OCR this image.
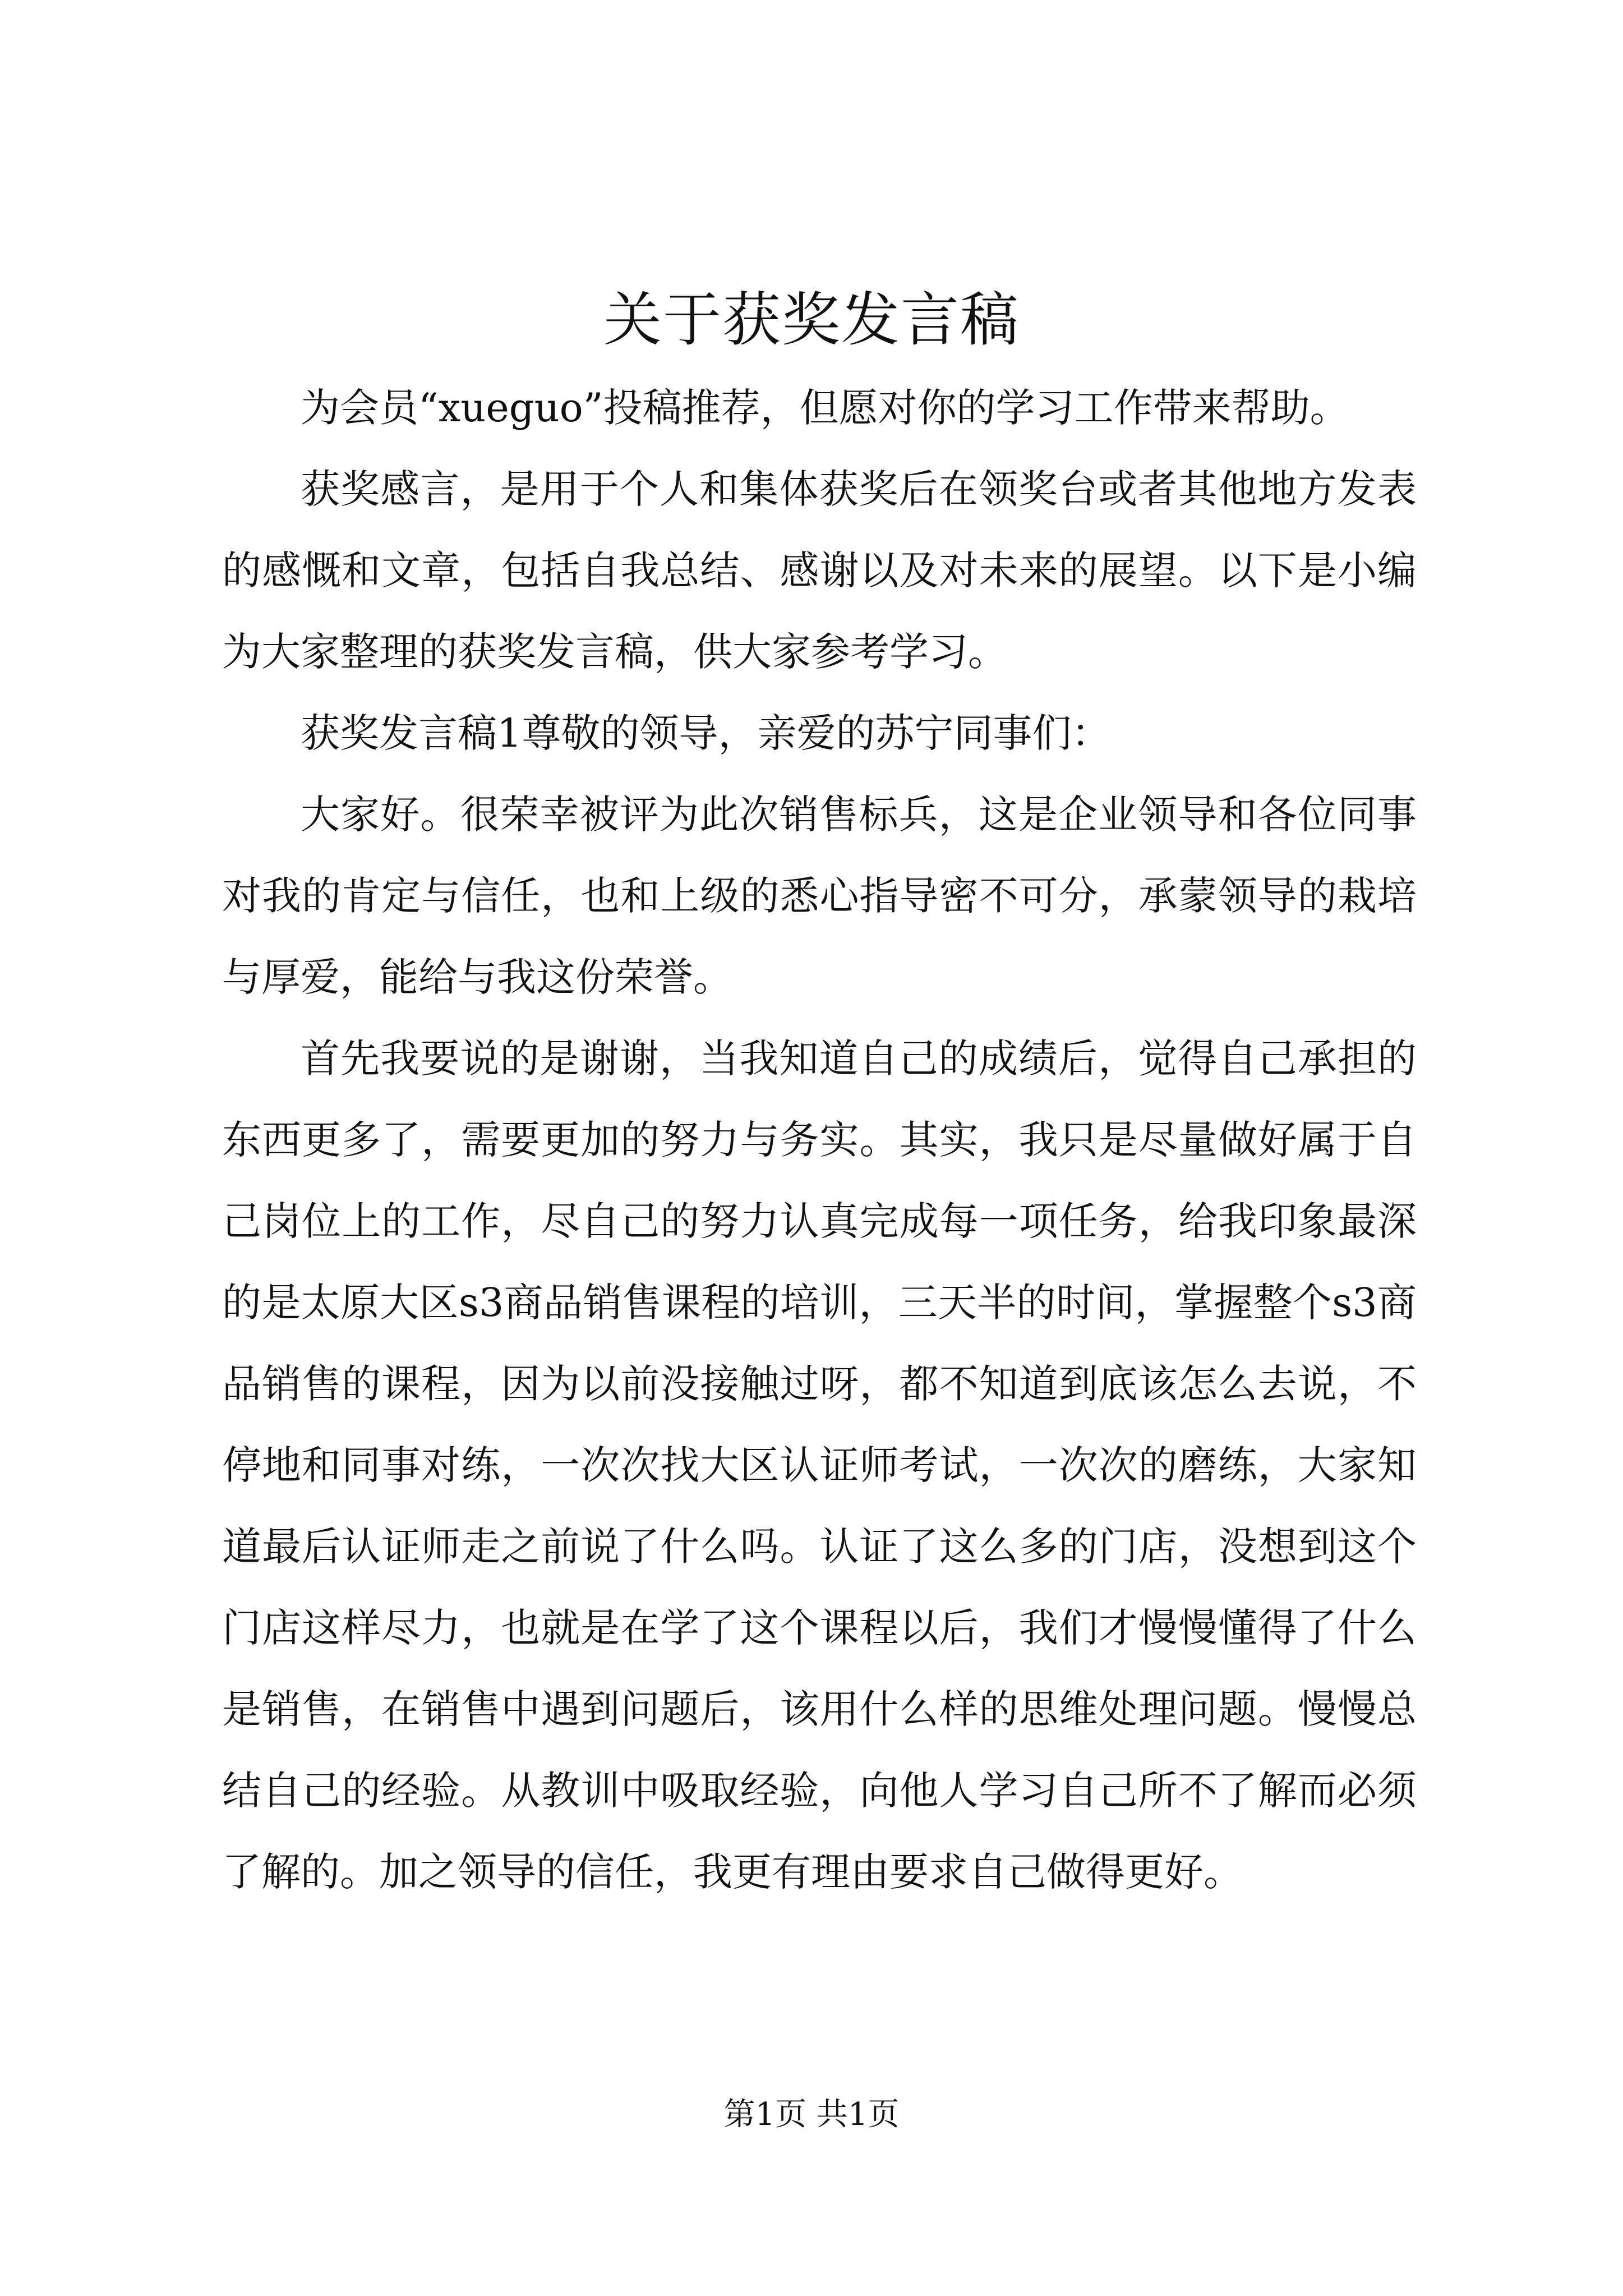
关于获奖发言稿

为会员“xueguo”投稿推荐，但愿对你的学习工作带来帮助。

获奖感言，是用于个人和集体获奖后在领奖台或者其他地方发表的感慨和文章，包括自我总结、感谢以及对未来的展望。以下是小编为大家整理的获奖发言稿，供大家参考学习。

获奖发言稿1尊敬的领导，亲爱的苏宁同事们：

大家好。很荣幸被评为此次销售标兵，这是企业领导和各位同事对我的肯定与信任，也和上级的悉心指导密不可分，承蒙领导的栽培与厚爱，能给与我这份荣誉。

首先我要说的是谢谢，当我知道自己的成绩后，觉得自己承担的东西更多了，需要更加的努力与务实。其实，我只是尽量做好属于自己岗位上的工作，尽自己的努力认真完成每一项任务，给我印象最深的是太原大区s3商品销售课程的培训，三天半的时间，掌握整个s3商品销售的课程，因为以前没接触过呀，都不知道到底该怎么去说，不停地和同事对练，一次次找大区认证师考试，一次次的磨练，大家知道最后认证师走之前说了什么吗。认证了这么多的门店，没想到这个门店这样尽力，也就是在学了这个课程以后，我们才慢慢懂得了什么是销售，在销售中遇到问题后，该用什么样的思维处理问题。慢慢总结自己的经验。从教训中吸取经验，向他人学习自己所不了解而必须了解的。加之领导的信任，我更有理由要求自己做得更好。

第1页 共1页
